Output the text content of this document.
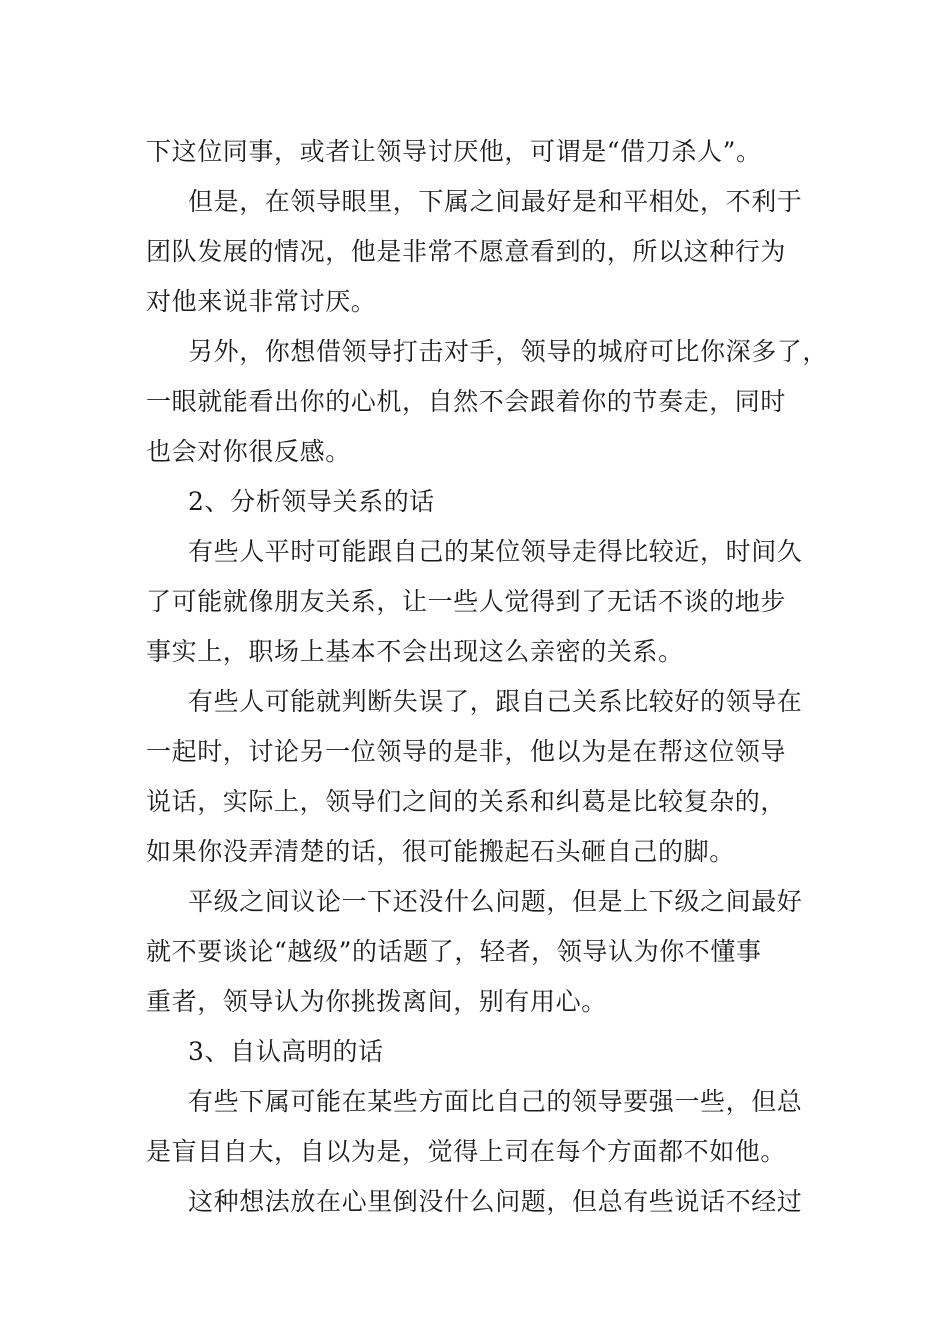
下这位同事，或者让领导讨厌他，可谓是“借刀杀人”。
但是，在领导眼里，下属之间最好是和平相处，不利于
团队发展的情况，他是非常不愿意看到的，所以这种行为
对他来说非常讨厌。
另外，你想借领导打击对手，领导的城府可比你深多了，
一眼就能看出你的心机，自然不会跟着你的节奏走，同时
也会对你很反感。
2、分析领导关系的话
有些人平时可能跟自己的某位领导走得比较近，时间久
了可能就像朋友关系，让一些人觉得到了无话不谈的地步
事实上，职场上基本不会出现这么亲密的关系。
有些人可能就判断失误了，跟自己关系比较好的领导在
一起时，讨论另一位领导的是非，他以为是在帮这位领导
说话，实际上，领导们之间的关系和纠葛是比较复杂的，
如果你没弄清楚的话，很可能搬起石头砸自己的脚。
平级之间议论一下还没什么问题，但是上下级之间最好
就不要谈论“越级”的话题了，轻者，领导认为你不懂事
重者，领导认为你挑拨离间，别有用心。
3、自认高明的话
有些下属可能在某些方面比自己的领导要强一些，但总
是盲目自大，自以为是，觉得上司在每个方面都不如他。
这种想法放在心里倒没什么问题，但总有些说话不经过
